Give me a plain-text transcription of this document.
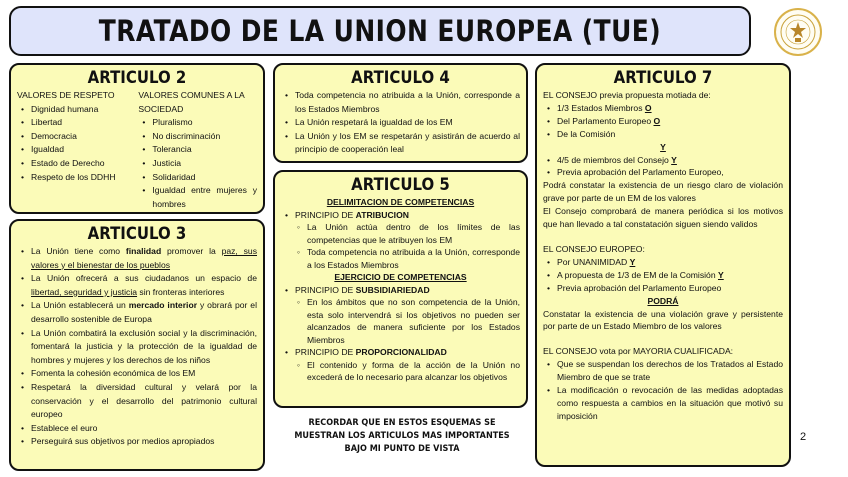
TRATADO DE LA UNION EUROPEA (TUE)
ARTICULO 2
VALORES DE RESPETO
• Dignidad humana
• Libertad
• Democracia
• Igualdad
• Estado de Derecho
• Respeto de los DDHH
VALORES COMUNES A LA SOCIEDAD
• Pluralismo
• No discriminación
• Tolerancia
• Justicia
• Solidaridad
• Igualdad entre mujeres y hombres
ARTICULO 3
• La Unión tiene como finalidad promover la paz, sus valores y el bienestar de los pueblos
• La Unión ofrecerá a sus ciudadanos un espacio de libertad, seguridad y justicia sin fronteras interiores
• La Unión establecerá un mercado interior y obrará por el desarrollo sostenible de Europa
• La Unión combatirá la exclusión social y la discriminación, fomentará la justicia y la protección de la igualdad de hombres y mujeres y los derechos de los niños
• Fomenta la cohesión económica de los EM
• Respetará la diversidad cultural y velará por la conservación y el desarrollo del patrimonio cultural europeo
• Establece el euro
• Perseguirá sus objetivos por medios apropiados
ARTICULO 4
• Toda competencia no atribuida a la Unión, corresponde a los Estados Miembros
• La Unión respetará la igualdad de los EM
• La Unión y los EM se respetarán y asistirán de acuerdo al principio de cooperación leal
ARTICULO 5
DELIMITACION DE COMPETENCIAS
• PRINCIPIO DE ATRIBUCION
◦ La Unión actúa dentro de los límites de las competencias que le atribuyen los EM
◦ Toda competencia no atribuida a la Unión, corresponde a los Estados Miembros
EJERCICIO DE COMPETENCIAS
• PRINCIPIO DE SUBSIDIARIEDAD
◦ En los ámbitos que no son competencia de la Unión, esta solo intervendrá si los objetivos no pueden ser alcanzados de manera suficiente por los Estados Miembros
• PRINCIPIO DE PROPORCIONALIDAD
◦ El contenido y forma de la acción de la Unión no excederá de lo necesario para alcanzar los objetivos
RECORDAR QUE EN ESTOS ESQUEMAS SE MUESTRAN LOS ARTICULOS MAS IMPORTANTES BAJO MI PUNTO DE VISTA
ARTICULO 7
EL CONSEJO previa propuesta motiada de:
• 1/3 Estados Miembros O
• Del Parlamento Europeo O
• De la Comisión
Y
• 4/5 de miembros del Consejo Y
• Previa aprobación del Parlamento Europeo,
Podrá constatar la existencia de un riesgo claro de violación grave por parte de un EM de los valores
El Consejo comprobará de manera periódica si los motivos que han llevado a tal constatación siguen siendo validos
EL CONSEJO EUROPEO:
• Por UNANIMIDAD Y
• A propuesta de 1/3 de EM de la Comisión Y
• Previa aprobación del Parlamento Europeo
PODRÁ
Constatar la existencia de una violación grave y persistente por parte de un Estado Miembro de los valores
EL CONSEJO vota por MAYORIA CUALIFICADA:
• Que se suspendan los derechos de los Tratados al Estado Miembro de que se trate
• La modificación o revocación de las medidas adoptadas como respuesta a cambios en la situación que motivó su imposición
2
